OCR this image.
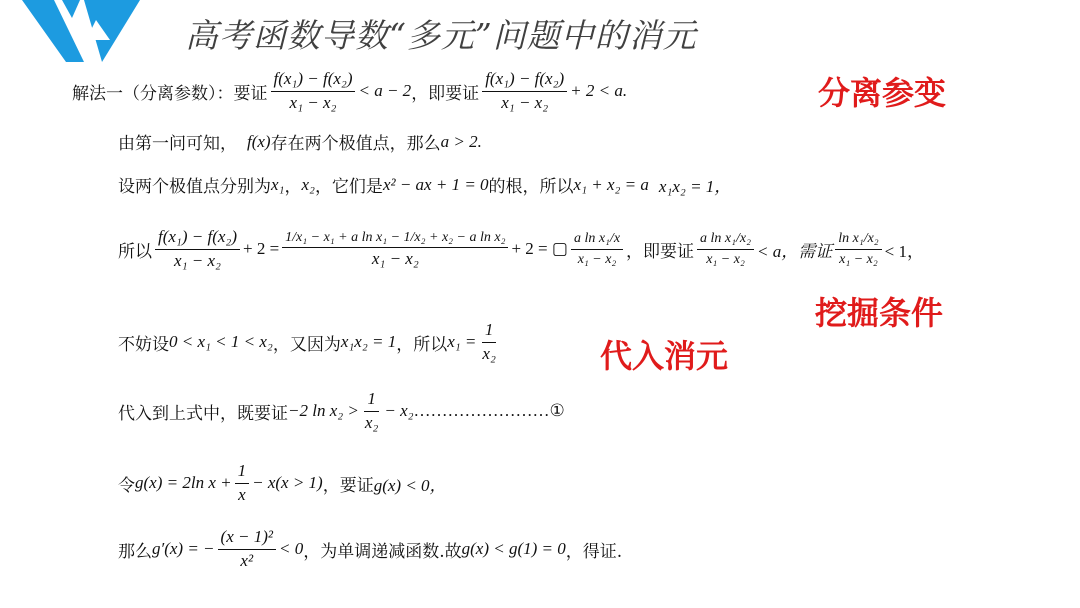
高考函数导数“多元”问题中的消元
分离参变
挖掘条件
代入消元
解法一（分离参数）：要证 $\frac{\text{f(x₁) − f(x₂)}}{\text{x₁ − x₂}} < a - 2$ ，即要证 $\frac{\text{f(x₁) − f(x₂)}}{\text{x₁ − x₂}} + 2 < a$.
由第一问可知， f(x) 存在两个极值点，那么 a > 2.
设两个极值点分别为 x₁ ， x₂ ，它们是 x² − ax + 1 = 0 的根，所以 x₁ + x₂ = a x₁x₂ = 1，
所以 $\frac{\text{f(x₁) − f(x₂)}}{\text{x₁ − x₂}} + 2 = \frac{\text{1/x₁ − x₁ + a ln x₁ − 1/x₂ + x₂ − a ln x₂}}{\text{x₁ − x₂}} + 2$ = ▢ $\frac{\text{a ln x₁/x}}{\text{x₁ − x₂}}$ ，即要证 $\frac{\text{a ln x₁/x₂}}{\text{x₁ − x₂}} < a$，需证 $\frac{\text{ln x₁/x₂}}{\text{x₁ − x₂}} < 1$，
不妨设 0 < x₁ < 1 < x₂ ，又因为 x₁x₂ = 1 ，所以 $x_1 = \frac{1}{\text{x₂}}$
代入到上式中，既要证 −2 $\ln x_2 > \frac{1}{\text{x₂}} - x_2$ ……………………①
令 g(x) = 2ln $x + \frac{1}{x} - x(x > 1)$ ，要证 g(x) < 0，
那么 g′(x) = − $\frac{\text{(x − 1)²}}{\text{x²}} < 0$ ，为单调递减函数.故 g(x) < g(1) = 0 ，得证.
